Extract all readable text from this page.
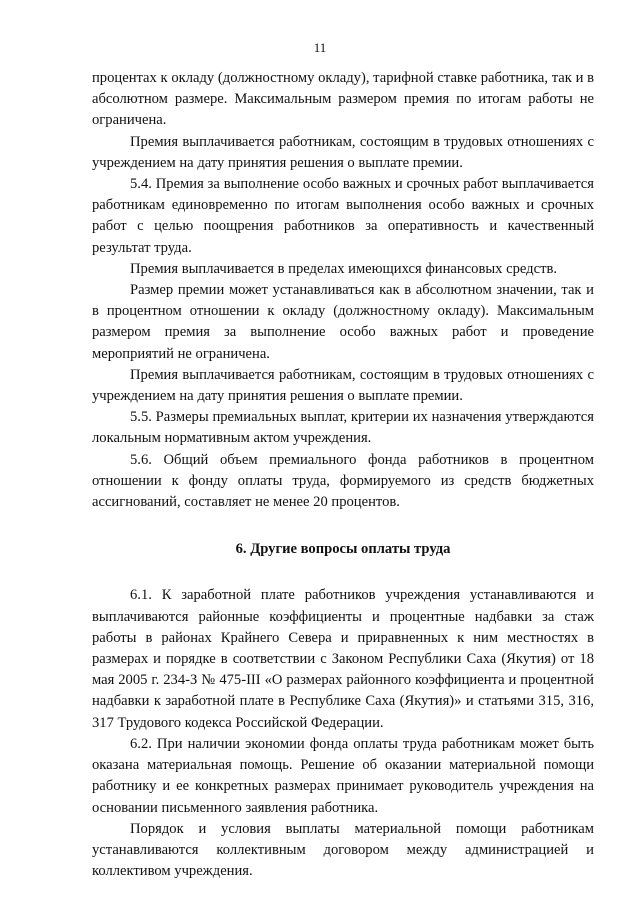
11

процентах к окладу (должностному окладу), тарифной ставке работника, так и в абсолютном размере. Максимальным размером премия по итогам работы не ограничена.

Премия выплачивается работникам, состоящим в трудовых отношениях с учреждением на дату принятия решения о выплате премии.

5.4. Премия за выполнение особо важных и срочных работ выплачивается работникам единовременно по итогам выполнения особо важных и срочных работ с целью поощрения работников за оперативность и качественный результат труда.

Премия выплачивается в пределах имеющихся финансовых средств.

Размер премии может устанавливаться как в абсолютном значении, так и в процентном отношении к окладу (должностному окладу). Максимальным размером премия за выполнение особо важных работ и проведение мероприятий не ограничена.

Премия выплачивается работникам, состоящим в трудовых отношениях с учреждением на дату принятия решения о выплате премии.

5.5. Размеры премиальных выплат, критерии их назначения утверждаются локальным нормативным актом учреждения.

5.6. Общий объем премиального фонда работников в процентном отношении к фонду оплаты труда, формируемого из средств бюджетных ассигнований, составляет не менее 20 процентов.

6. Другие вопросы оплаты труда

6.1. К заработной плате работников учреждения устанавливаются и выплачиваются районные коэффициенты и процентные надбавки за стаж работы в районах Крайнего Севера и приравненных к ним местностях в размерах и порядке в соответствии с Законом Республики Саха (Якутия) от 18 мая 2005 г. 234-З № 475-III «О размерах районного коэффициента и процентной надбавки к заработной плате в Республике Саха (Якутия)» и статьями 315, 316, 317 Трудового кодекса Российской Федерации.

6.2. При наличии экономии фонда оплаты труда работникам может быть оказана материальная помощь. Решение об оказании материальной помощи работнику и ее конкретных размерах принимает руководитель учреждения на основании письменного заявления работника.

Порядок и условия выплаты материальной помощи работникам устанавливаются коллективным договором между администрацией и коллективом учреждения.
